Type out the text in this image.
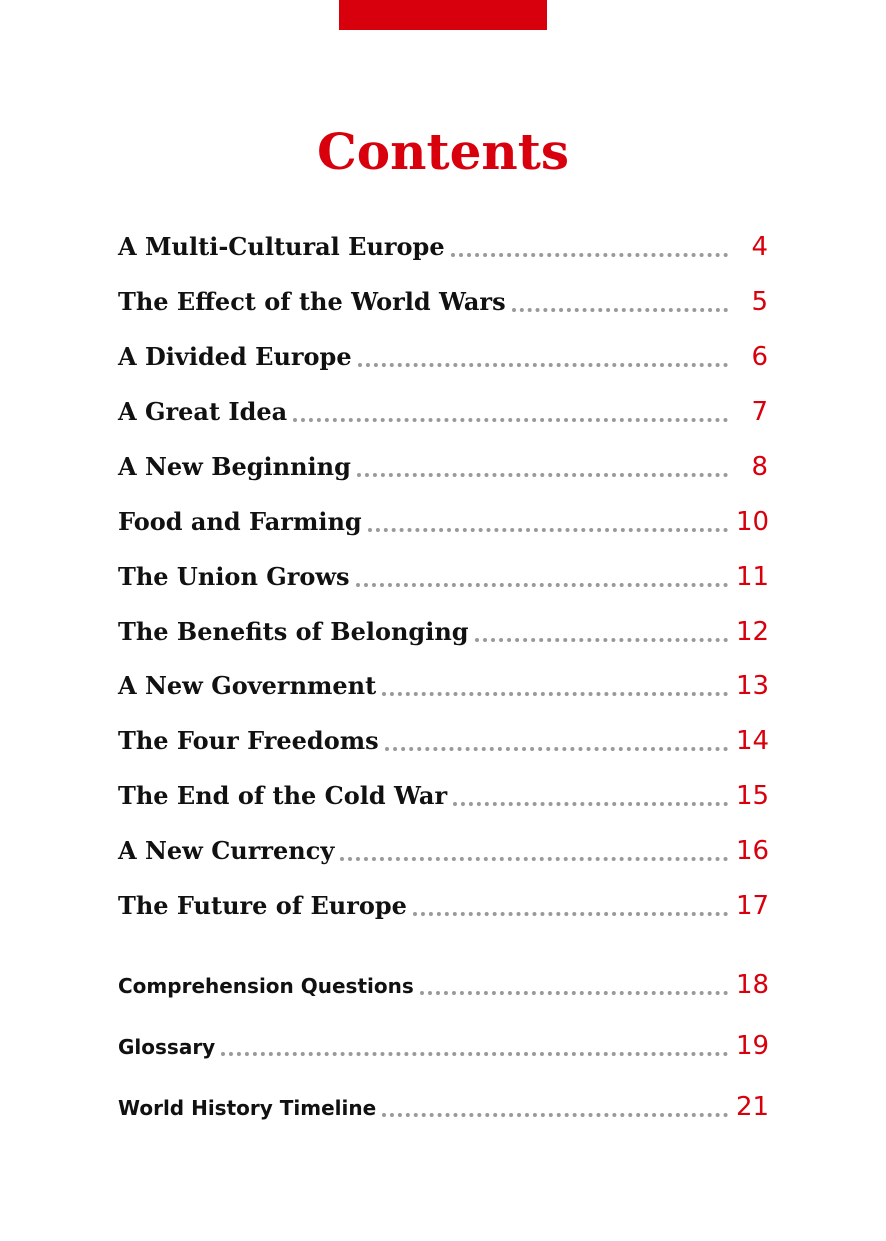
Contents
A Multi-Cultural Europe	4
The Effect of the World Wars	5
A Divided Europe	6
A Great Idea	7
A New Beginning	8
Food and Farming	10
The Union Grows	11
The Benefits of Belonging	12
A New Government	13
The Four Freedoms	14
The End of the Cold War	15
A New Currency	16
The Future of Europe	17
Comprehension Questions	18
Glossary	19
World History Timeline	21
